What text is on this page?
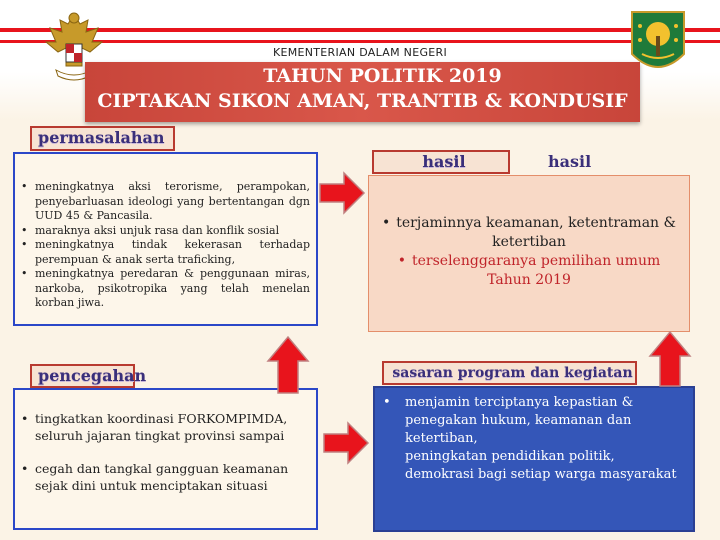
KEMENTERIAN DALAM NEGERI
TAHUN POLITIK 2019
CIPTAKAN SIKON AMAN, TRANTIB & KONDUSIF
permasalahan
• meningkatnya aksi terorisme, perampokan, penyebarluasan ideologi yang bertentangan dgn UUD 45 & Pancasila.
• maraknya aksi unjuk rasa dan konflik sosial
• meningkatnya tindak kekerasan terhadap perempuan & anak serta traficking,
• meningkatnya peredaran & penggunaan miras, narkoba, psikotropika yang telah menelan korban jiwa.
hasil	hasil
• terjaminnya keamanan, ketentraman & ketertiban
• terselenggaranya pemilihan umum Tahun 2019
pencegahan
• tingkatkan koordinasi FORKOMPIMDA, seluruh jajaran tingkat provinsi sampai
• cegah dan tangkal gangguan keamanan sejak dini untuk menciptakan situasi
sasaran program dan kegiatan
• menjamin terciptanya kepastian & penegakan hukum, keamanan dan ketertiban,
peningkatan pendidikan politik, demokrasi bagi setiap warga masyarakat
